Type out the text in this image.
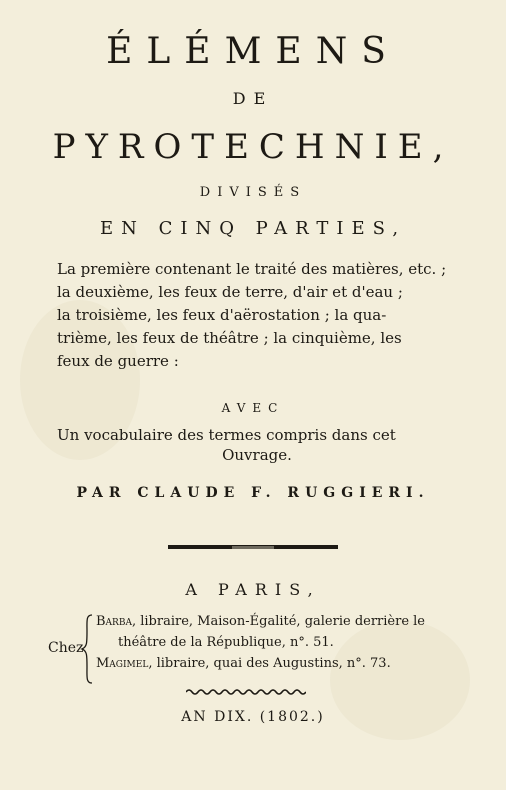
ÉLÉMENS
DE
PYROTECHNIE,
DIVISÉS
EN CINQ PARTIES,
La première contenant le traité des matières, etc. ;
la deuxième, les feux de terre, d'air et d'eau ;
la troisième, les feux d'aërostation ; la qua-
trième, les feux de théâtre ; la cinquième, les
feux de guerre :
AVEC
Un vocabulaire des termes compris dans cet
Ouvrage.
PAR CLAUDE F. RUGGIERI.
A PARIS,
Chez
Barba, libraire, Maison-Égalité, galerie derrière le
théâtre de la République, n°. 51.
Magimel, libraire, quai des Augustins, n°. 73.
AN DIX. (1802.)
